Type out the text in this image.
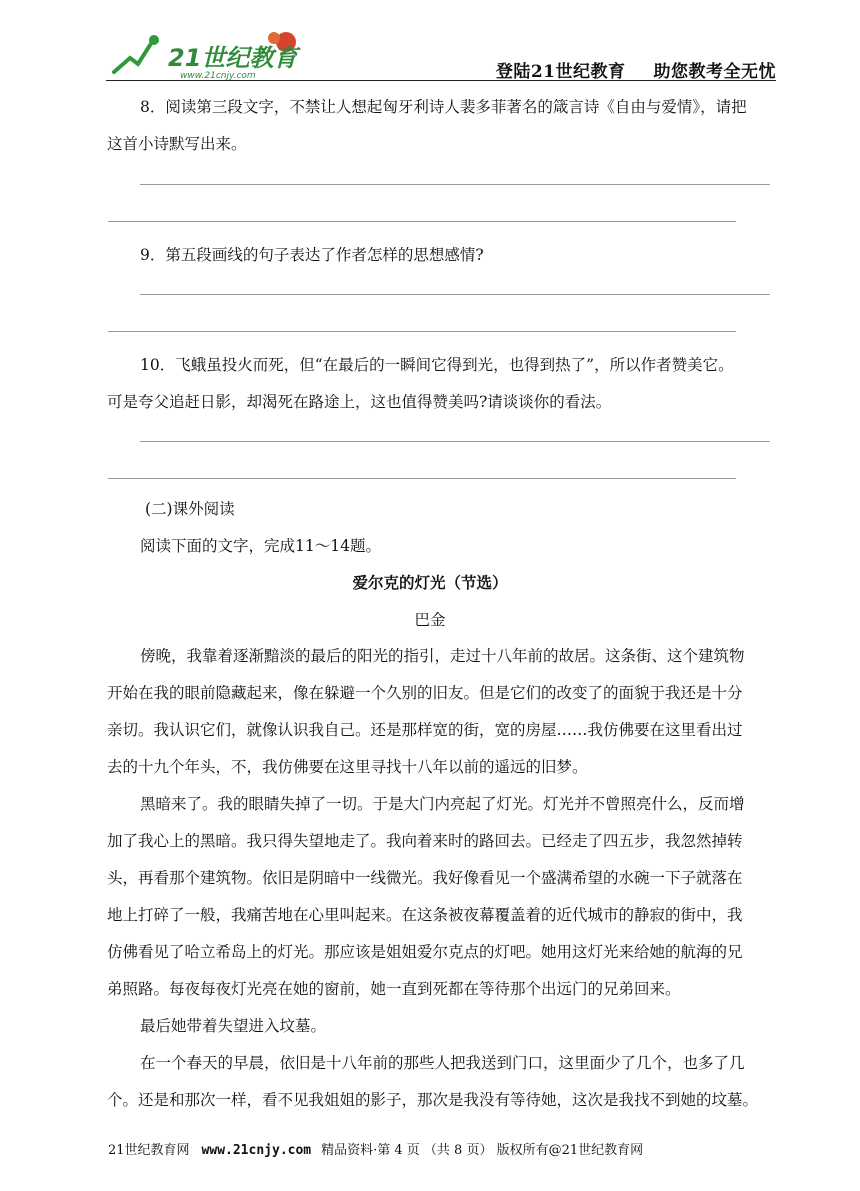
21世纪教育
www.21cnjy.com	登陆21世纪教育 助您教考全无忧
8．阅读第三段文字，不禁让人想起匈牙利诗人裴多菲著名的箴言诗《自由与爱情》，请把
这首小诗默写出来。
9．第五段画线的句子表达了作者怎样的思想感情?
10．飞蛾虽投火而死，但“在最后的一瞬间它得到光，也得到热了”，所以作者赞美它。
可是夸父追赶日影，却渴死在路途上，这也值得赞美吗?请谈谈你的看法。
(二)课外阅读
阅读下面的文字，完成11～14题。
爱尔克的灯光（节选）
巴金
傍晚，我靠着逐渐黯淡的最后的阳光的指引，走过十八年前的故居。这条街、这个建筑物
开始在我的眼前隐藏起来，像在躲避一个久别的旧友。但是它们的改变了的面貌于我还是十分
亲切。我认识它们，就像认识我自己。还是那样宽的街，宽的房屋……我仿佛要在这里看出过
去的十九个年头，不，我仿佛要在这里寻找十八年以前的遥远的旧梦。
黑暗来了。我的眼睛失掉了一切。于是大门内亮起了灯光。灯光并不曾照亮什么，反而增
加了我心上的黑暗。我只得失望地走了。我向着来时的路回去。已经走了四五步，我忽然掉转
头，再看那个建筑物。依旧是阴暗中一线微光。我好像看见一个盛满希望的水碗一下子就落在
地上打碎了一般，我痛苦地在心里叫起来。在这条被夜幕覆盖着的近代城市的静寂的街中，我
仿佛看见了哈立希岛上的灯光。那应该是姐姐爱尔克点的灯吧。她用这灯光来给她的航海的兄
弟照路。每夜每夜灯光亮在她的窗前，她一直到死都在等待那个出远门的兄弟回来。
最后她带着失望进入坟墓。
在一个春天的早晨，依旧是十八年前的那些人把我送到门口，这里面少了几个，也多了几
个。还是和那次一样，看不见我姐姐的影子，那次是我没有等待她，这次是我找不到她的坟墓。
21世纪教育网 www.21cnjy.com 精品资料·第 4 页 （共 8 页） 版权所有@21世纪教育网
